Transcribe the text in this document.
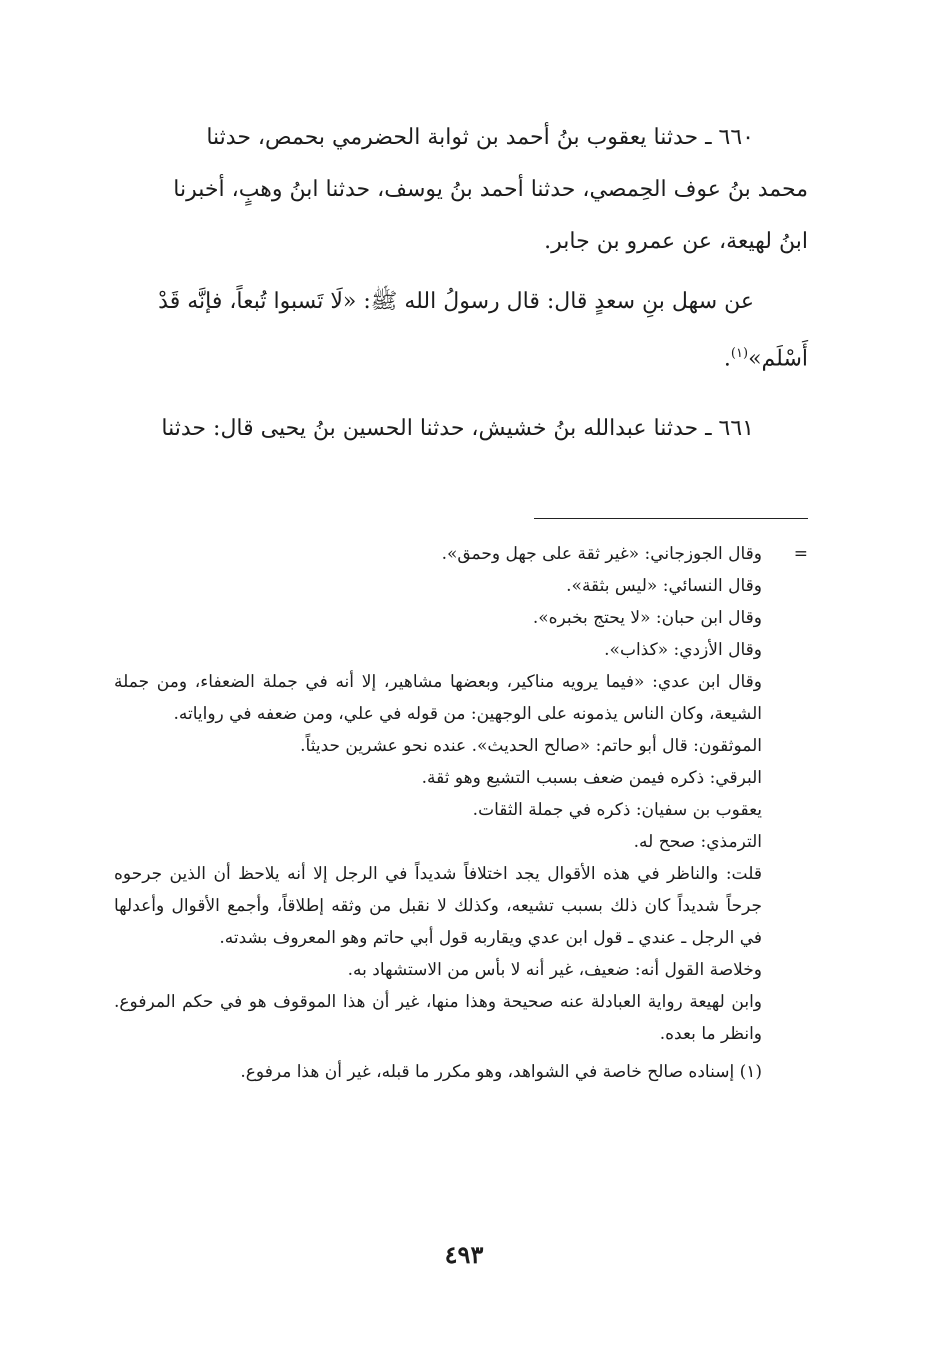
٦٦٠ ـ حدثنا يعقوب بنُ أحمد بن ثوابة الحضرمي بحمص، حدثنا

محمد بنُ عوف الحِمصي، حدثنا أحمد بنُ يوسف، حدثنا ابنُ وهبٍ، أخبرنا

ابنُ لهيعة، عن عمرو بن جابر.

عن سهل بنِ سعدٍ قال: قال رسولُ الله ﷺ: «لَا تَسبوا تُبعاً، فإنَّه قَدْ

أَسْلَم»$^{(١)}$.

٦٦١ ـ حدثنا عبدالله بنُ خشيش، حدثنا الحسين بنُ يحيى قال: حدثنا

=
وقال الجوزجاني: «غير ثقة على جهل وحمق».

وقال النسائي: «ليس بثقة».

وقال ابن حبان: «لا يحتج بخبره».

وقال الأزدي: «كذاب».

وقال ابن عدي: «فيما يرويه مناكير، وبعضها مشاهير، إلا أنه في جملة الضعفاء، ومن جملة الشيعة، وكان الناس يذمونه على الوجهين: من قوله في علي، ومن ضعفه في رواياته.

الموثقون: قال أبو حاتم: «صالح الحديث». عنده نحو عشرين حديثاً.

البرقي: ذكره فيمن ضعف بسبب التشيع وهو ثقة.

يعقوب بن سفيان: ذكره في جملة الثقات.

الترمذي: صحح له.

قلت: والناظر في هذه الأقوال يجد اختلافاً شديداً في الرجل إلا أنه يلاحظ أن الذين جرحوه جرحاً شديداً كان ذلك بسبب تشيعه، وكذلك لا نقبل من وثقه إطلاقاً، وأجمع الأقوال وأعدلها في الرجل ـ عندي ـ قول ابن عدي ويقاربه قول أبي حاتم وهو المعروف بشدته.

وخلاصة القول أنه: ضعيف، غير أنه لا بأس من الاستشهاد به.

وابن لهيعة رواية العبادلة عنه صحيحة وهذا منها، غير أن هذا الموقوف هو في حكم المرفوع. وانظر ما بعده.

(١) إسناده صالح خاصة في الشواهد، وهو مكرر ما قبله، غير أن هذا مرفوع.

٤٩٣
